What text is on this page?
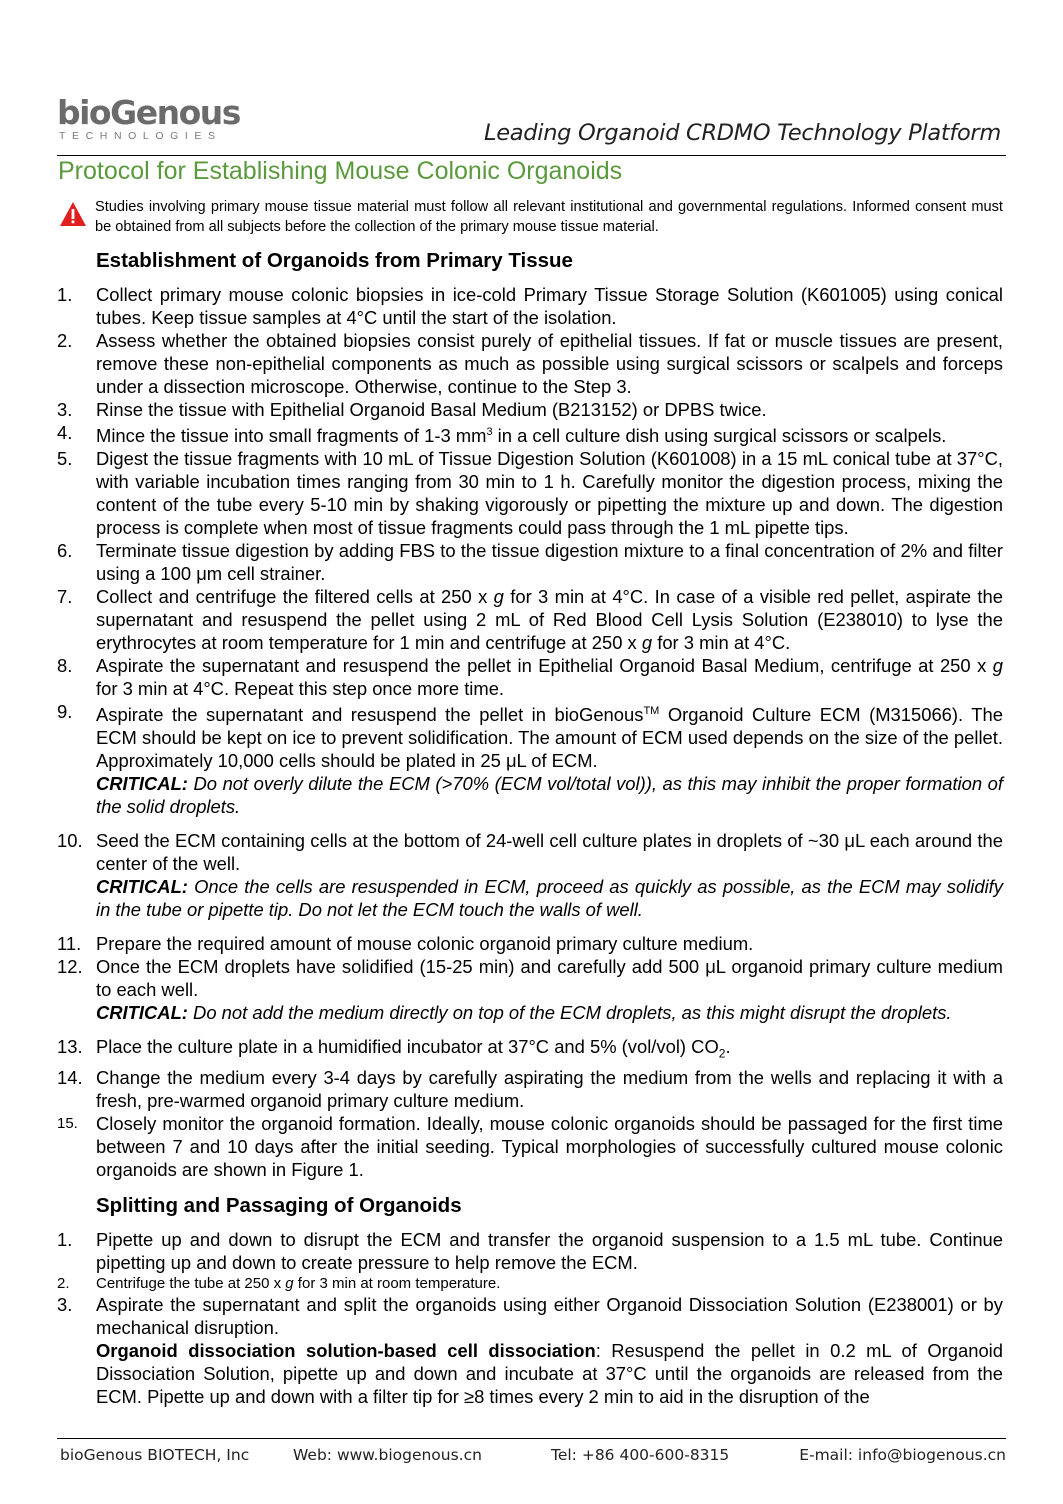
bioGenous
TECHNOLOGIES	Leading Organoid CRDMO Technology Platform
Protocol for Establishing Mouse Colonic Organoids
Studies involving primary mouse tissue material must follow all relevant institutional and governmental regulations. Informed consent must be obtained from all subjects before the collection of the primary mouse tissue material.
Establishment of Organoids from Primary Tissue
1. Collect primary mouse colonic biopsies in ice-cold Primary Tissue Storage Solution (K601005) using conical tubes. Keep tissue samples at 4°C until the start of the isolation.
2. Assess whether the obtained biopsies consist purely of epithelial tissues. If fat or muscle tissues are present, remove these non-epithelial components as much as possible using surgical scissors or scalpels and forceps under a dissection microscope. Otherwise, continue to the Step 3.
3. Rinse the tissue with Epithelial Organoid Basal Medium (B213152) or DPBS twice.
4. Mince the tissue into small fragments of 1-3 $mm^3$ in a cell culture dish using surgical scissors or scalpels.
5. Digest the tissue fragments with 10 mL of Tissue Digestion Solution (K601008) in a 15 mL conical tube at 37°C, with variable incubation times ranging from 30 min to 1 h. Carefully monitor the digestion process, mixing the content of the tube every 5-10 min by shaking vigorously or pipetting the mixture up and down. The digestion process is complete when most of tissue fragments could pass through the 1 mL pipette tips.
6. Terminate tissue digestion by adding FBS to the tissue digestion mixture to a final concentration of 2% and filter using a 100 μm cell strainer.
7. Collect and centrifuge the filtered cells at 250 x g for 3 min at 4°C. In case of a visible red pellet, aspirate the supernatant and resuspend the pellet using 2 mL of Red Blood Cell Lysis Solution (E238010) to lyse the erythrocytes at room temperature for 1 min and centrifuge at 250 x g for 3 min at 4°C.
8. Aspirate the supernatant and resuspend the pellet in Epithelial Organoid Basal Medium, centrifuge at 250 x g for 3 min at 4°C. Repeat this step once more time.
9. Aspirate the supernatant and resuspend the pellet in bioGenous™ Organoid Culture ECM (M315066). The ECM should be kept on ice to prevent solidification. The amount of ECM used depends on the size of the pellet. Approximately 10,000 cells should be plated in 25 μL of ECM.
CRITICAL: Do not overly dilute the ECM (>70% (ECM vol/total vol)), as this may inhibit the proper formation of the solid droplets.
10. Seed the ECM containing cells at the bottom of 24-well cell culture plates in droplets of ~30 μL each around the center of the well.
CRITICAL: Once the cells are resuspended in ECM, proceed as quickly as possible, as the ECM may solidify in the tube or pipette tip. Do not let the ECM touch the walls of well.
11. Prepare the required amount of mouse colonic organoid primary culture medium.
12. Once the ECM droplets have solidified (15-25 min) and carefully add 500 μL organoid primary culture medium to each well.
CRITICAL: Do not add the medium directly on top of the ECM droplets, as this might disrupt the droplets.
13. Place the culture plate in a humidified incubator at 37°C and 5% (vol/vol) $CO_2$.
14. Change the medium every 3-4 days by carefully aspirating the medium from the wells and replacing it with a fresh, pre-warmed organoid primary culture medium.
15. Closely monitor the organoid formation. Ideally, mouse colonic organoids should be passaged for the first time between 7 and 10 days after the initial seeding. Typical morphologies of successfully cultured mouse colonic organoids are shown in Figure 1.
Splitting and Passaging of Organoids
1. Pipette up and down to disrupt the ECM and transfer the organoid suspension to a 1.5 mL tube. Continue pipetting up and down to create pressure to help remove the ECM.
2. Centrifuge the tube at 250 x g for 3 min at room temperature.
3. Aspirate the supernatant and split the organoids using either Organoid Dissociation Solution (E238001) or by mechanical disruption.
Organoid dissociation solution-based cell dissociation: Resuspend the pellet in 0.2 mL of Organoid Dissociation Solution, pipette up and down and incubate at 37°C until the organoids are released from the ECM. Pipette up and down with a filter tip for ≥8 times every 2 min to aid in the disruption of the
bioGenous BIOTECH, Inc	Web: www.biogenous.cn	Tel: +86 400-600-8315	E-mail: info@biogenous.cn
